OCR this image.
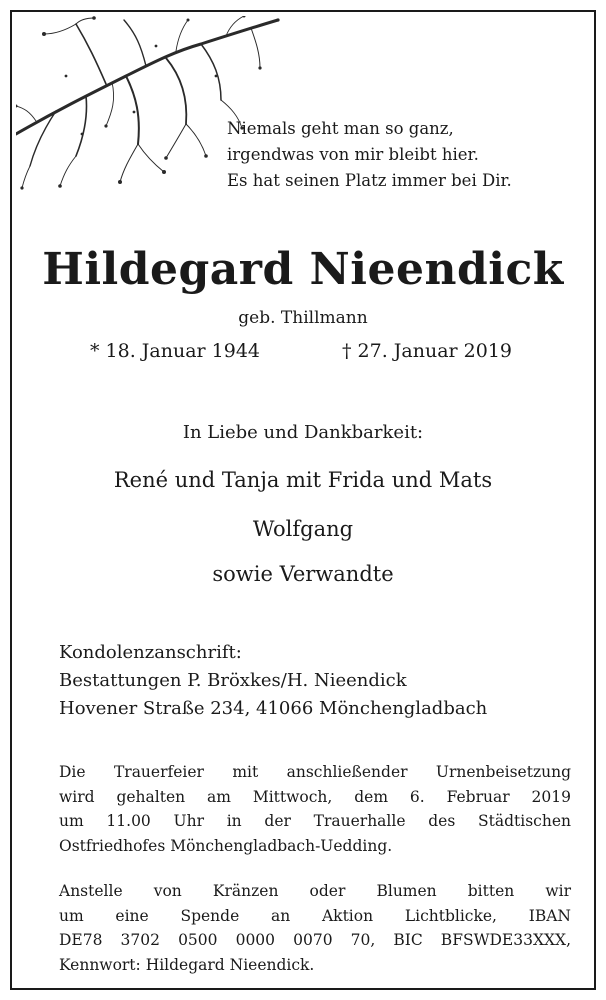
Niemals geht man so ganz,
irgendwas von mir bleibt hier.
Es hat seinen Platz immer bei Dir.
Hildegard Nieendick
geb. Thillmann
* 18. Januar 1944	† 27. Januar 2019
In Liebe und Dankbarkeit:
René und Tanja mit Frida und Mats
Wolfgang
sowie Verwandte
Kondolenzanschrift:
Bestattungen P. Bröxkes/H. Nieendick
Hovener Straße 234, 41066 Mönchengladbach
Die Trauerfeier mit anschließender Urnenbeisetzung
wird gehalten am Mittwoch, dem 6. Februar 2019
um 11.00 Uhr in der Trauerhalle des Städtischen
Ostfriedhofes Mönchengladbach-Uedding.
Anstelle von Kränzen oder Blumen bitten wir
um eine Spende an Aktion Lichtblicke, IBAN
DE78 3702 0500 0000 0070 70, BIC BFSWDE33XXX,
Kennwort: Hildegard Nieendick.
